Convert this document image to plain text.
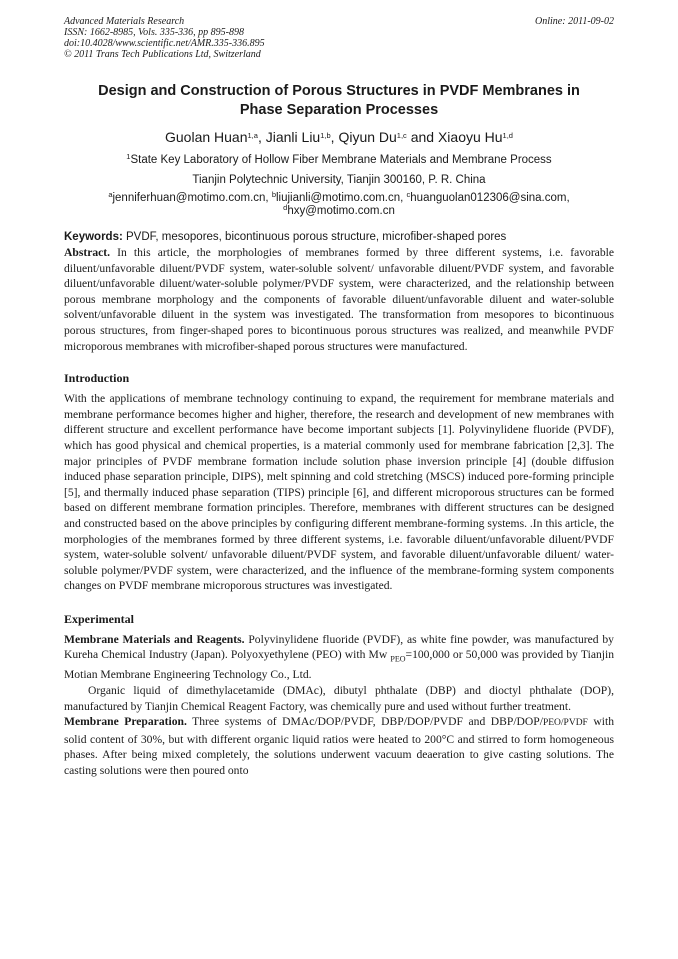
Advanced Materials Research
ISSN: 1662-8985, Vols. 335-336, pp 895-898
doi:10.4028/www.scientific.net/AMR.335-336.895
© 2011 Trans Tech Publications Ltd, Switzerland
Online: 2011-09-02
Design and Construction of Porous Structures in PVDF Membranes in
Phase Separation Processes
Guolan Huan$^{1,a}$, Jianli Liu$^{1,b}$, Qiyun Du$^{1,c}$ and Xiaoyu Hu$^{1,d}$
$^1$State Key Laboratory of Hollow Fiber Membrane Materials and Membrane Process
Tianjin Polytechnic University, Tianjin 300160, P. R. China
$^a$jenniferhuan@motimo.com.cn, $^b$liujianli@motimo.com.cn, $^c$huanguolan012306@sina.com,
$^d$hxy@motimo.com.cn
Keywords: PVDF, mesopores, bicontinuous porous structure, microfiber-shaped pores

Abstract. In this article, the morphologies of membranes formed by three different systems, i.e. favorable diluent/unfavorable diluent/PVDF system, water-soluble solvent/ unfavorable diluent/PVDF system, and favorable diluent/unfavorable diluent/water-soluble polymer/PVDF system, were characterized, and the relationship between porous membrane morphology and the components of favorable diluent/unfavorable diluent and water-soluble solvent/unfavorable diluent in the system was investigated. The transformation from mesopores to bicontinuous porous structures, from finger-shaped pores to bicontinuous porous structures was realized, and meanwhile PVDF microporous membranes with microfiber-shaped porous structures were manufactured.

Introduction

With the applications of membrane technology continuing to expand, the requirement for membrane materials and membrane performance becomes higher and higher, therefore, the research and development of new membranes with different structure and excellent performance have become important subjects [1]. Polyvinylidene fluoride (PVDF), which has good physical and chemical properties, is a material commonly used for membrane fabrication [2,3]. The major principles of PVDF membrane formation include solution phase inversion principle [4] (double diffusion induced phase separation principle, DIPS), melt spinning and cold stretching (MSCS) induced pore-forming principle [5], and thermally induced phase separation (TIPS) principle [6], and different microporous structures can be formed based on different membrane formation principles. Therefore, membranes with different structures can be designed and constructed based on the above principles by configuring different membrane-forming systems. .In this article, the morphologies of the membranes formed by three different systems, i.e. favorable diluent/unfavorable diluent/PVDF system, water-soluble solvent/ unfavorable diluent/PVDF system, and favorable diluent/unfavorable diluent/ water-soluble polymer/PVDF system, were characterized, and the influence of the membrane-forming system components changes on PVDF membrane microporous structures was investigated.

Experimental

Membrane Materials and Reagents. Polyvinylidene fluoride (PVDF), as white fine powder, was manufactured by Kureha Chemical Industry (Japan). Polyoxyethylene (PEO) with Mw $_{PEO}$=100,000 or 50,000 was provided by Tianjin Motian Membrane Engineering Technology Co., Ltd.

Organic liquid of dimethylacetamide (DMAc), dibutyl phthalate (DBP) and dioctyl phthalate (DOP), manufactured by Tianjin Chemical Reagent Factory, was chemically pure and used without further treatment.

Membrane Preparation. Three systems of DMAc/DOP/PVDF, DBP/DOP/PVDF and DBP/DOP/PEO/PVDF with solid content of 30%, but with different organic liquid ratios were heated to 200°C and stirred to form homogeneous phases. After being mixed completely, the solutions underwent vacuum deaeration to give casting solutions. The casting solutions were then poured onto
